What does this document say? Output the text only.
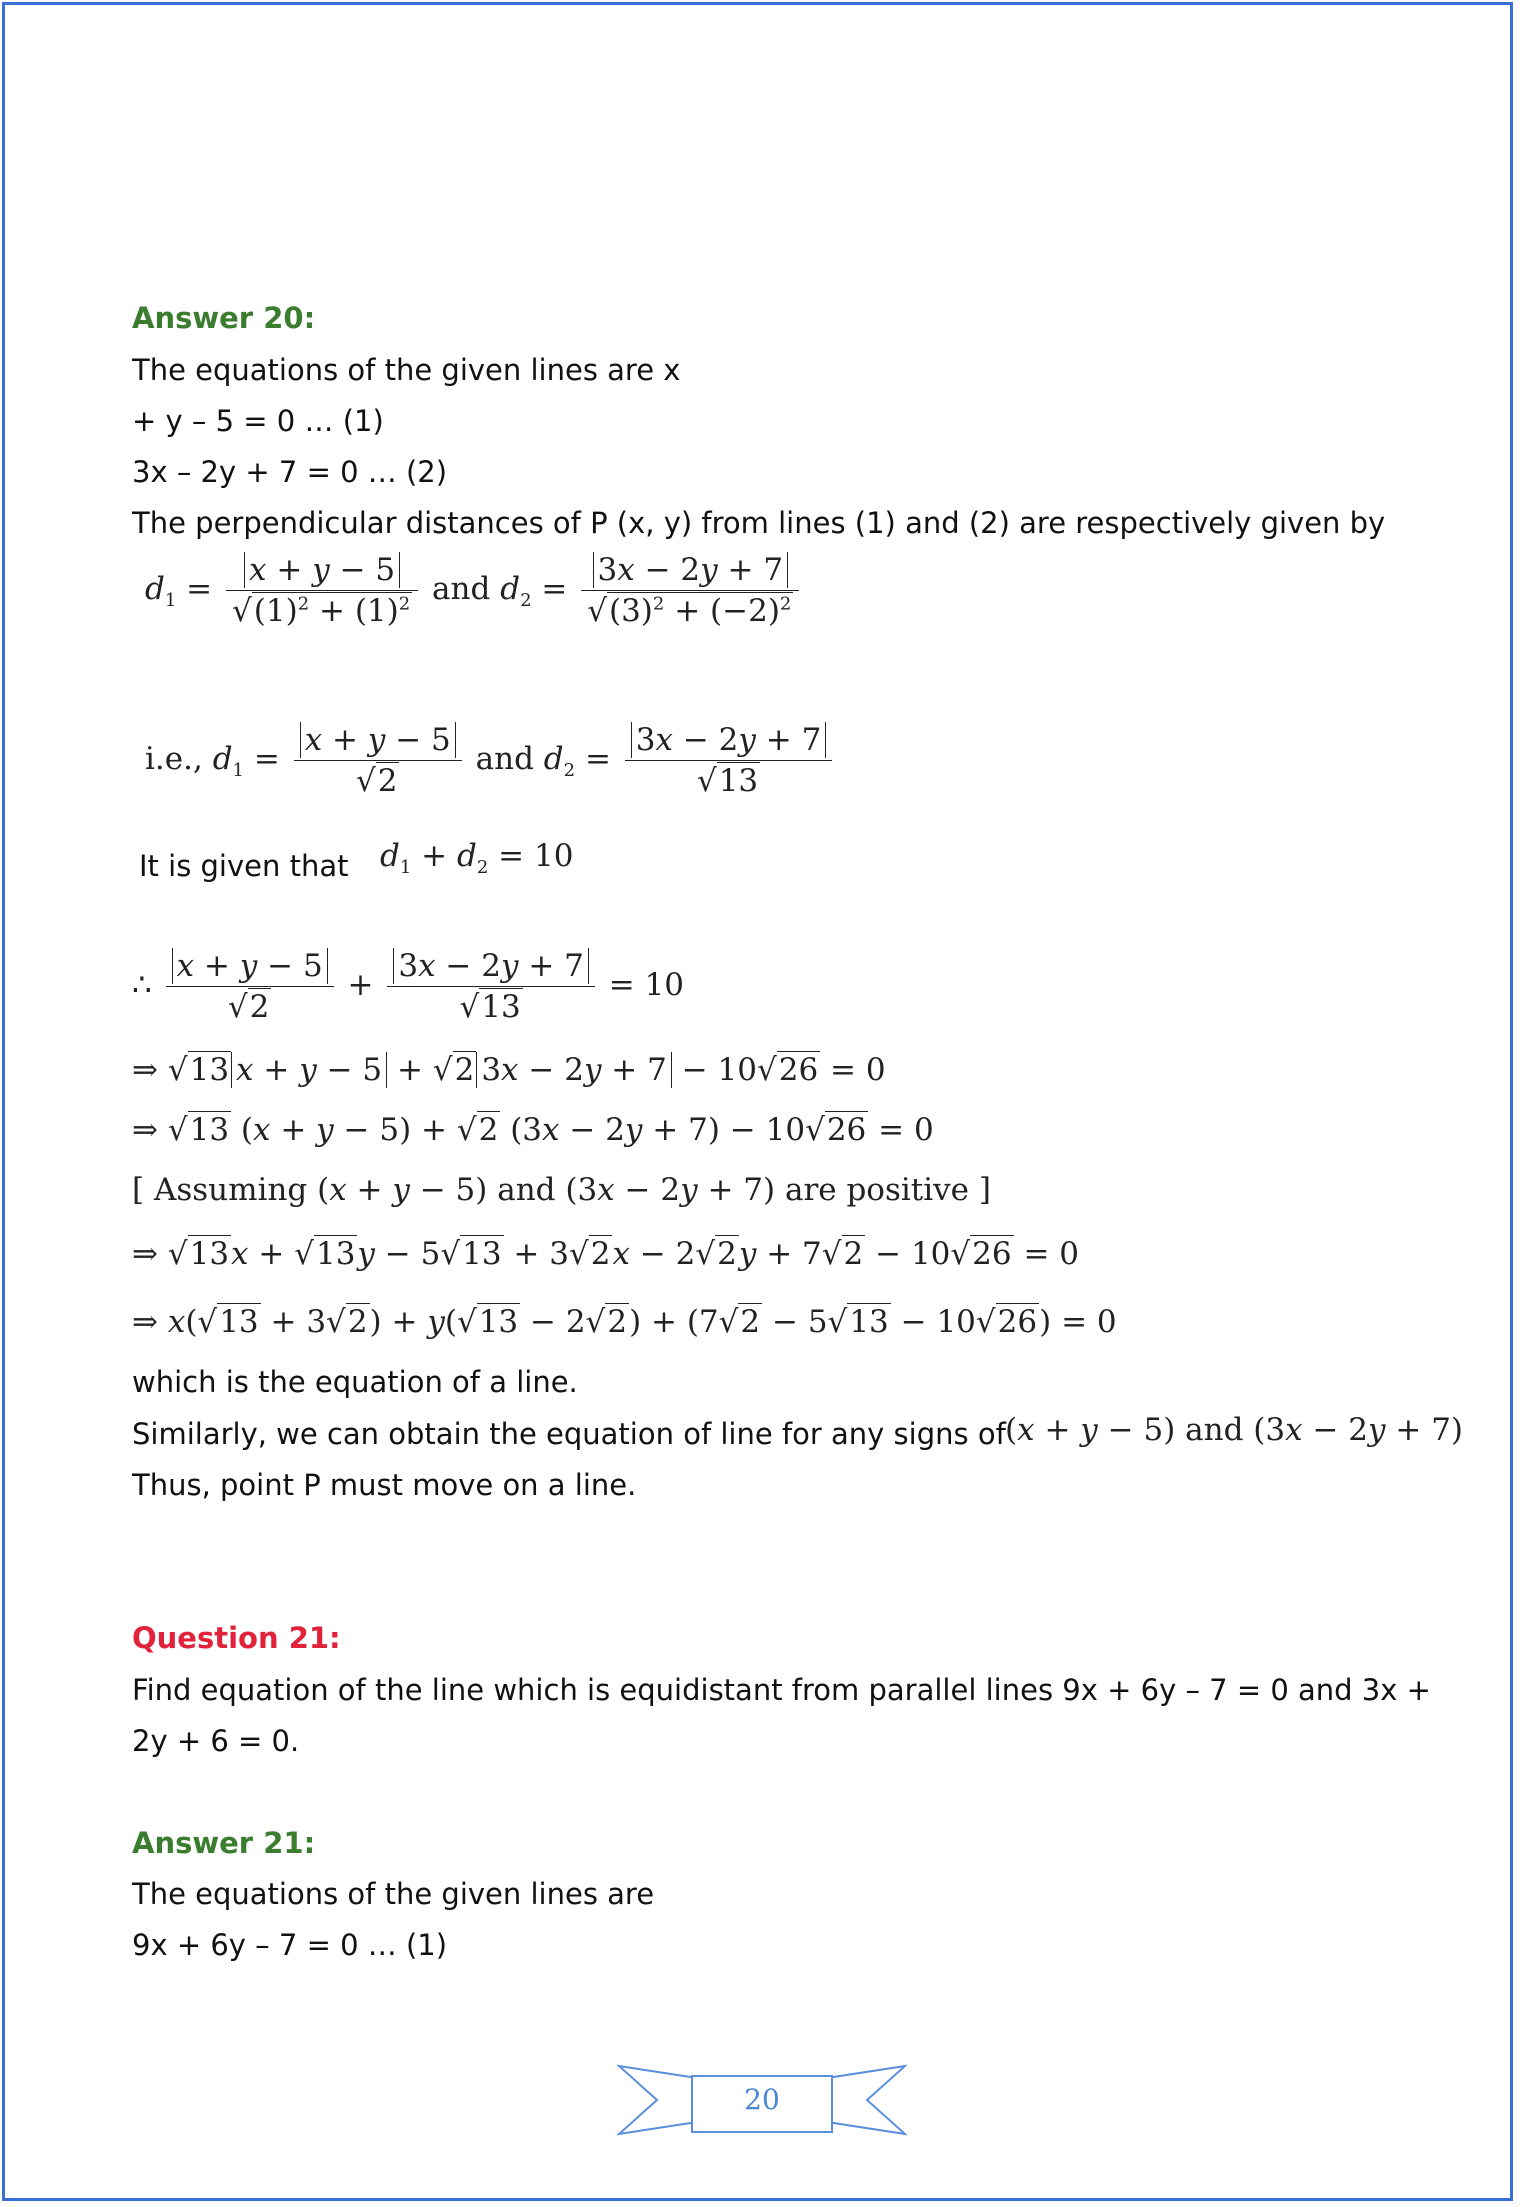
Answer 20:

The equations of the given lines are x

+ y – 5 = 0 … (1)

3x – 2y + 7 = 0 … (2)

The perpendicular distances of P (x, y) from lines (1) and (2) are respectively given by

$d_1 = \frac{x + y - 5}{√(1)^2 + (1)^2}$ and $d_2 = \frac{3x - 2y + 7}{√(3)^2 + (-2)^2}$
i.e., $d_1 = \frac{x + y - 5}{√2}$ and $d_2 = \frac{3x - 2y + 7}{√13}$

It is given that $d_1 + d_2 = 10$
∴ $\frac{x + y - 5}{√2} + \frac{3x - 2y + 7}{√13} = 10$
⇒ √13 x + y − 5 + √2 3x − 2y + 7 − 10√26 = 0
⇒ √13 (x + y − 5) + √2 (3x − 2y + 7) − 10√26 = 0
[ Assuming (x + y − 5) and (3x − 2y + 7) are positive ]
⇒ √13x + √13y − 5√13 + 3√2x − 2√2y + 7√2 − 10√26 = 0
⇒ x(√13 + 3√2) + y(√13 − 2√2) + (7√2 − 5√13 − 10√26) = 0

which is the equation of a line.

Similarly, we can obtain the equation of line for any signs of (x + y − 5) and (3x − 2y + 7)

Thus, point P must move on a line.

Question 21:

Find equation of the line which is equidistant from parallel lines 9x + 6y – 7 = 0 and 3x +

2y + 6 = 0.

Answer 21:

The equations of the given lines are

9x + 6y – 7 = 0 … (1)

20
